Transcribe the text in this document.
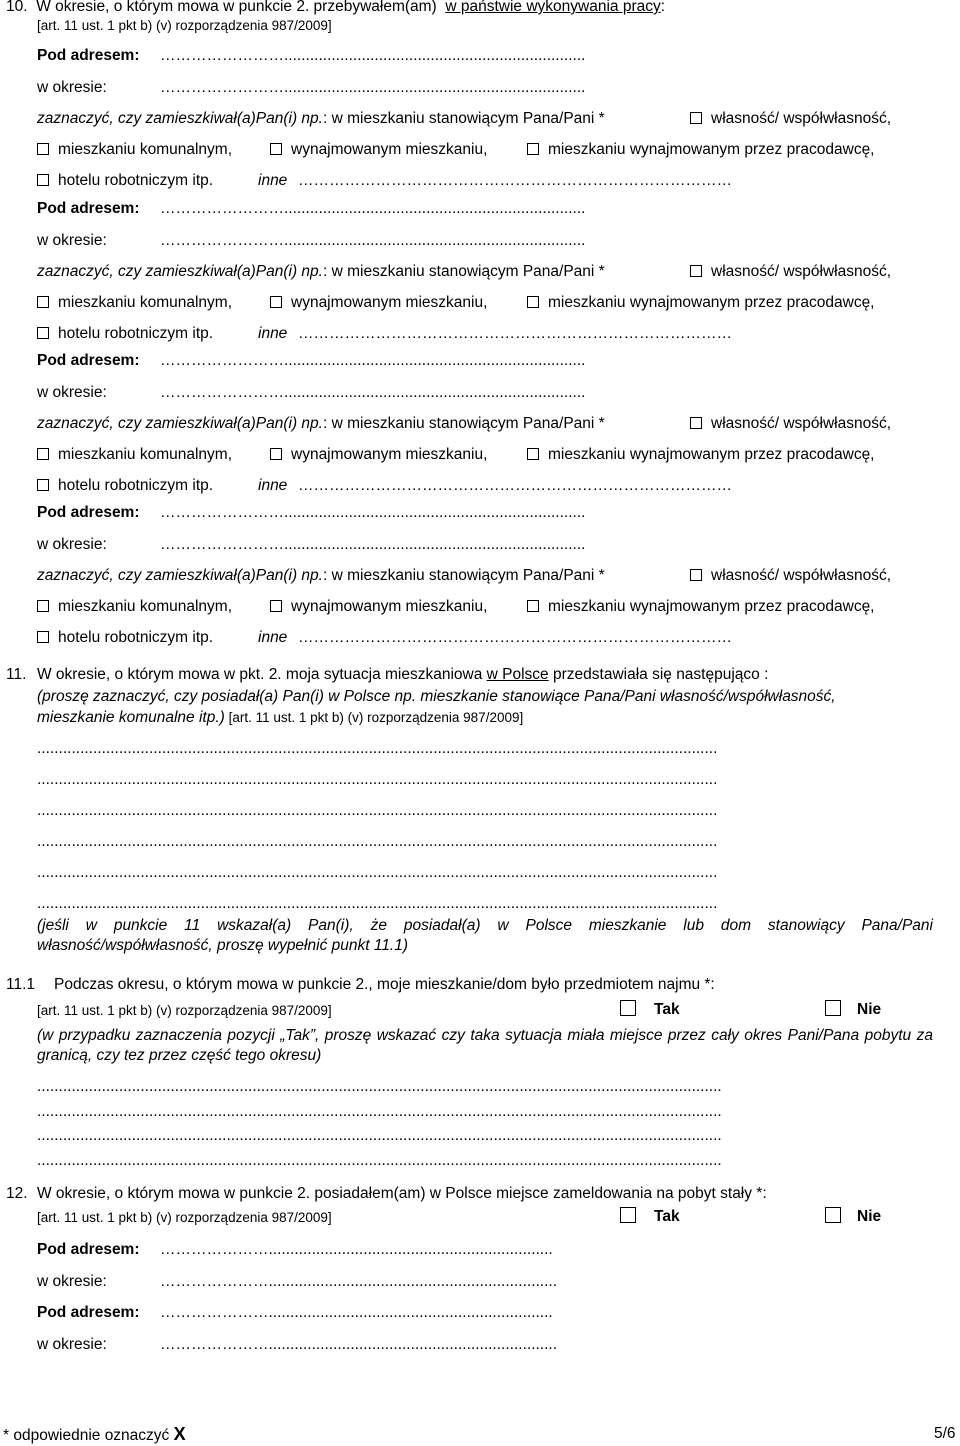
10. W okresie, o którym mowa w punkcie 2. przebywałem(am) w państwie wykonywania pracy:
[art. 11 ust. 1 pkt b) (v) rozporządzenia 987/2009]
Pod adresem: ……………………......................................................................
w okresie:	……………………......................................................................
zaznaczyć, czy zamieszkiwał(a)Pan(i) np.: w mieszkaniu stanowiącym Pana/Pani *	własność/ współwłasność,
mieszkaniu komunalnym,	wynajmowanym mieszkaniu,	mieszkaniu wynajmowanym przez pracodawcę,
hotelu robotniczym itp.	inne …………………………………………………………………………
Pod adresem: ……………………......................................................................
w okresie:	……………………......................................................................
zaznaczyć, czy zamieszkiwał(a)Pan(i) np.: w mieszkaniu stanowiącym Pana/Pani *	własność/ współwłasność,
mieszkaniu komunalnym,	wynajmowanym mieszkaniu,	mieszkaniu wynajmowanym przez pracodawcę,
hotelu robotniczym itp.	inne …………………………………………………………………………
Pod adresem: ……………………......................................................................
w okresie:	……………………......................................................................
zaznaczyć, czy zamieszkiwał(a)Pan(i) np.: w mieszkaniu stanowiącym Pana/Pani *	własność/ współwłasność,
mieszkaniu komunalnym,	wynajmowanym mieszkaniu,	mieszkaniu wynajmowanym przez pracodawcę,
hotelu robotniczym itp.	inne …………………………………………………………………………
Pod adresem: ……………………......................................................................
w okresie:	……………………......................................................................
zaznaczyć, czy zamieszkiwał(a)Pan(i) np.: w mieszkaniu stanowiącym Pana/Pani *	własność/ współwłasność,
mieszkaniu komunalnym,	wynajmowanym mieszkaniu,	mieszkaniu wynajmowanym przez pracodawcę,
hotelu robotniczym itp.	inne …………………………………………………………………………
11. W okresie, o którym mowa w pkt. 2. moja sytuacja mieszkaniowa w Polsce przedstawiała się następująco :
(proszę zaznaczyć, czy posiadał(a) Pan(i) w Polsce np. mieszkanie stanowiące Pana/Pani własność/współwłasność,
mieszkanie komunalne itp.) [art. 11 ust. 1 pkt b) (v) rozporządzenia 987/2009]
..............................................................................................................................................................
..............................................................................................................................................................
..............................................................................................................................................................
..............................................................................................................................................................
..............................................................................................................................................................
..............................................................................................................................................................
(jeśli w punkcie 11 wskazał(a) Pan(i), że posiadał(a) w Polsce mieszkanie lub dom stanowiący Pana/Pani własność/współwłasność, proszę wypełnić punkt 11.1)
11.1 Podczas okresu, o którym mowa w punkcie 2., moje mieszkanie/dom było przedmiotem najmu *:
[art. 11 ust. 1 pkt b) (v) rozporządzenia 987/2009]	Tak	Nie
(w przypadku zaznaczenia pozycji „Tak”, proszę wskazać czy taka sytuacja miała miejsce przez cały okres Pani/Pana pobytu za granicą, czy tez przez część tego okresu)
...............................................................................................................................................................
...............................................................................................................................................................
...............................................................................................................................................................
...............................................................................................................................................................
12. W okresie, o którym mowa w punkcie 2. posiadałem(am) w Polsce miejsce zameldowania na pobyt stały *:
[art. 11 ust. 1 pkt b) (v) rozporządzenia 987/2009]	Tak	Nie
Pod adresem: …………………..................................................................
w okresie:	…………………...................................................................
Pod adresem: …………………..................................................................
w okresie:	…………………...................................................................
* odpowiednie oznaczyć X	5/6
